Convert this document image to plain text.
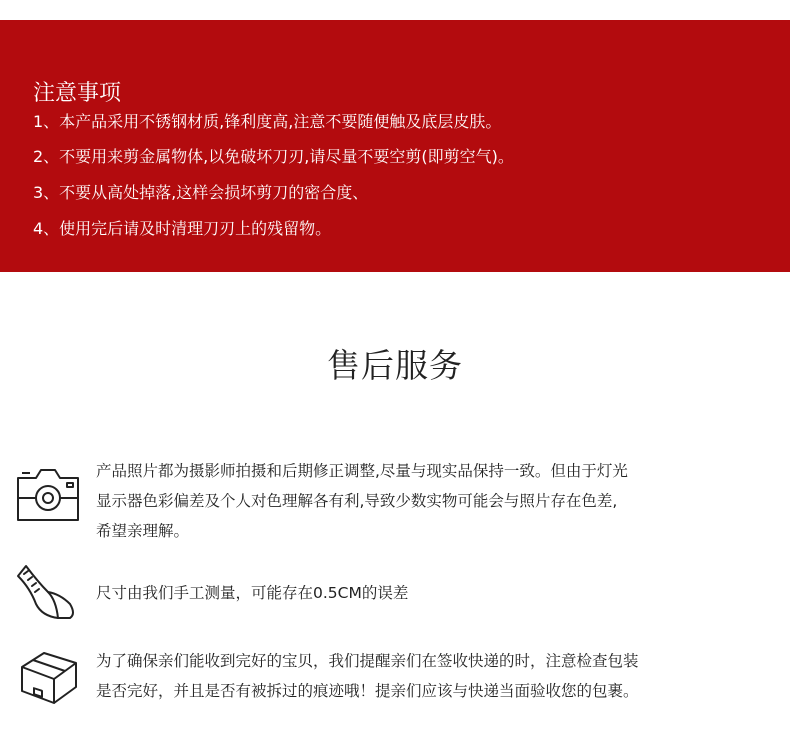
注意事项
1、本产品采用不锈钢材质,锋利度高,注意不要随便触及底层皮肤。
2、不要用来剪金属物体,以免破坏刀刃,请尽量不要空剪(即剪空气)。
3、不要从高处掉落,这样会损坏剪刀的密合度、
4、使用完后请及时清理刀刃上的残留物。
售后服务

产品照片都为摄影师拍摄和后期修正调整,尽量与现实品保持一致。但由于灯光

显示器色彩偏差及个人对色理解各有利,导致少数实物可能会与照片存在色差,

希望亲理解。

尺寸由我们手工测量，可能存在0.5CM的误差

为了确保亲们能收到完好的宝贝，我们提醒亲们在签收快递的时，注意检查包装

是否完好，并且是否有被拆过的痕迹哦！提亲们应该与快递当面验收您的包裹。
